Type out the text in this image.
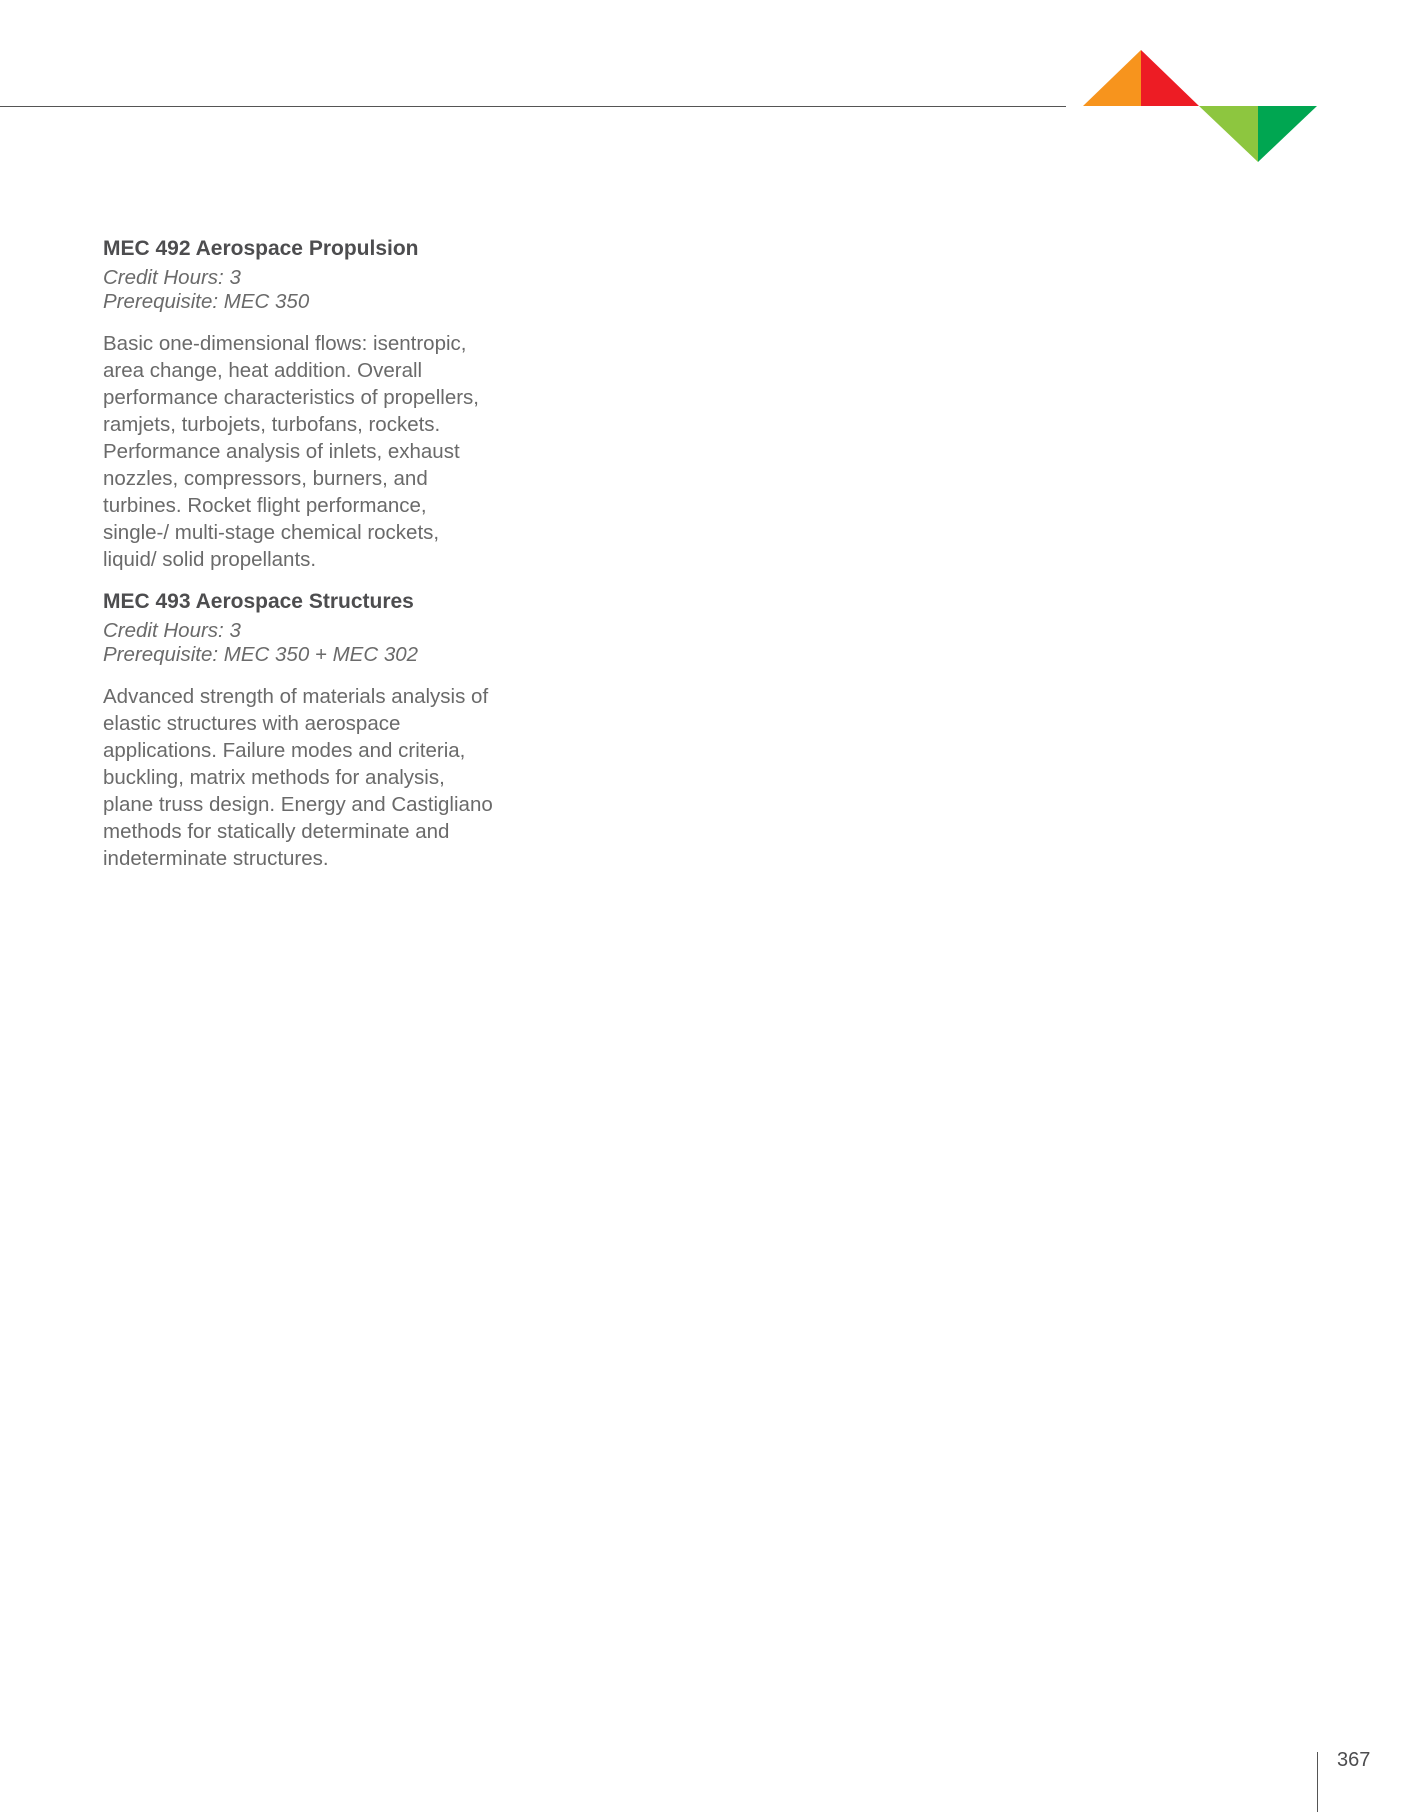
MEC 492 Aerospace Propulsion

Credit Hours: 3

Prerequisite: MEC 350

Basic one-dimensional flows: isentropic, area change, heat addition. Overall performance characteristics of propellers, ramjets, turbojets, turbofans, rockets. Performance analysis of inlets, exhaust nozzles, compressors, burners, and turbines. Rocket flight performance, single-/ multi-stage chemical rockets, liquid/ solid propellants.

MEC 493 Aerospace Structures

Credit Hours: 3

Prerequisite: MEC 350 + MEC 302

Advanced strength of materials analysis of elastic structures with aerospace applications. Failure modes and criteria, buckling, matrix methods for analysis, plane truss design. Energy and Castigliano methods for statically determinate and indeterminate structures.

367
